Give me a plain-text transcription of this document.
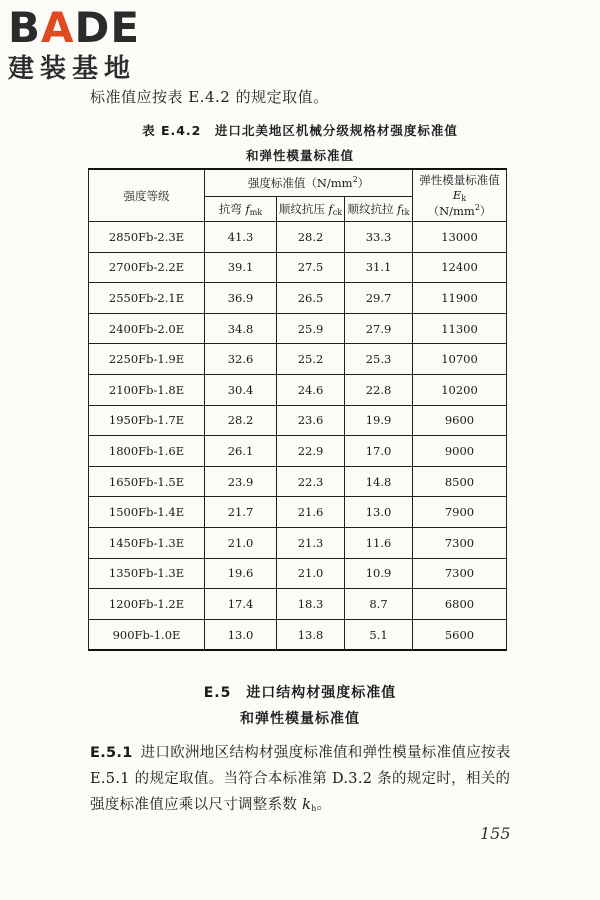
BADE
建装基地
标准值应按表 E.4.2 的规定取值。
表 E.4.2　进口北美地区机械分级规格材强度标准值
和弹性模量标准值
强度等级	强度标准值$(N/mm^2)$			弹性模量标准值
$E_k$
$(N/mm^2)$

	抗弯 $f_{mk}$	顺纹抗压 $f_{ck}$	顺纹抗拉 $f_{tk}$
2850Fb-2.3E	41.3	28.2	33.3	13000
2700Fb-2.2E	39.1	27.5	31.1	12400
2550Fb-2.1E	36.9	26.5	29.7	11900
2400Fb-2.0E	34.8	25.9	27.9	11300
2250Fb-1.9E	32.6	25.2	25.3	10700
2100Fb-1.8E	30.4	24.6	22.8	10200
1950Fb-1.7E	28.2	23.6	19.9	9600
1800Fb-1.6E	26.1	22.9	17.0	9000
1650Fb-1.5E	23.9	22.3	14.8	8500
1500Fb-1.4E	21.7	21.6	13.0	7900
1450Fb-1.3E	21.0	21.3	11.6	7300
1350Fb-1.3E	19.6	21.0	10.9	7300
1200Fb-1.2E	17.4	18.3	8.7	6800
900Fb-1.0E	13.0	13.8	5.1	5600
E.5　进口结构材强度标准值
和弹性模量标准值
E.5.1 进口欧洲地区结构材强度标准值和弹性模量标准值应按表 E.5.1 的规定取值。当符合本标准第 D.3.2 条的规定时，相关的强度标准值应乘以尺寸调整系数 $k_h$。
155
